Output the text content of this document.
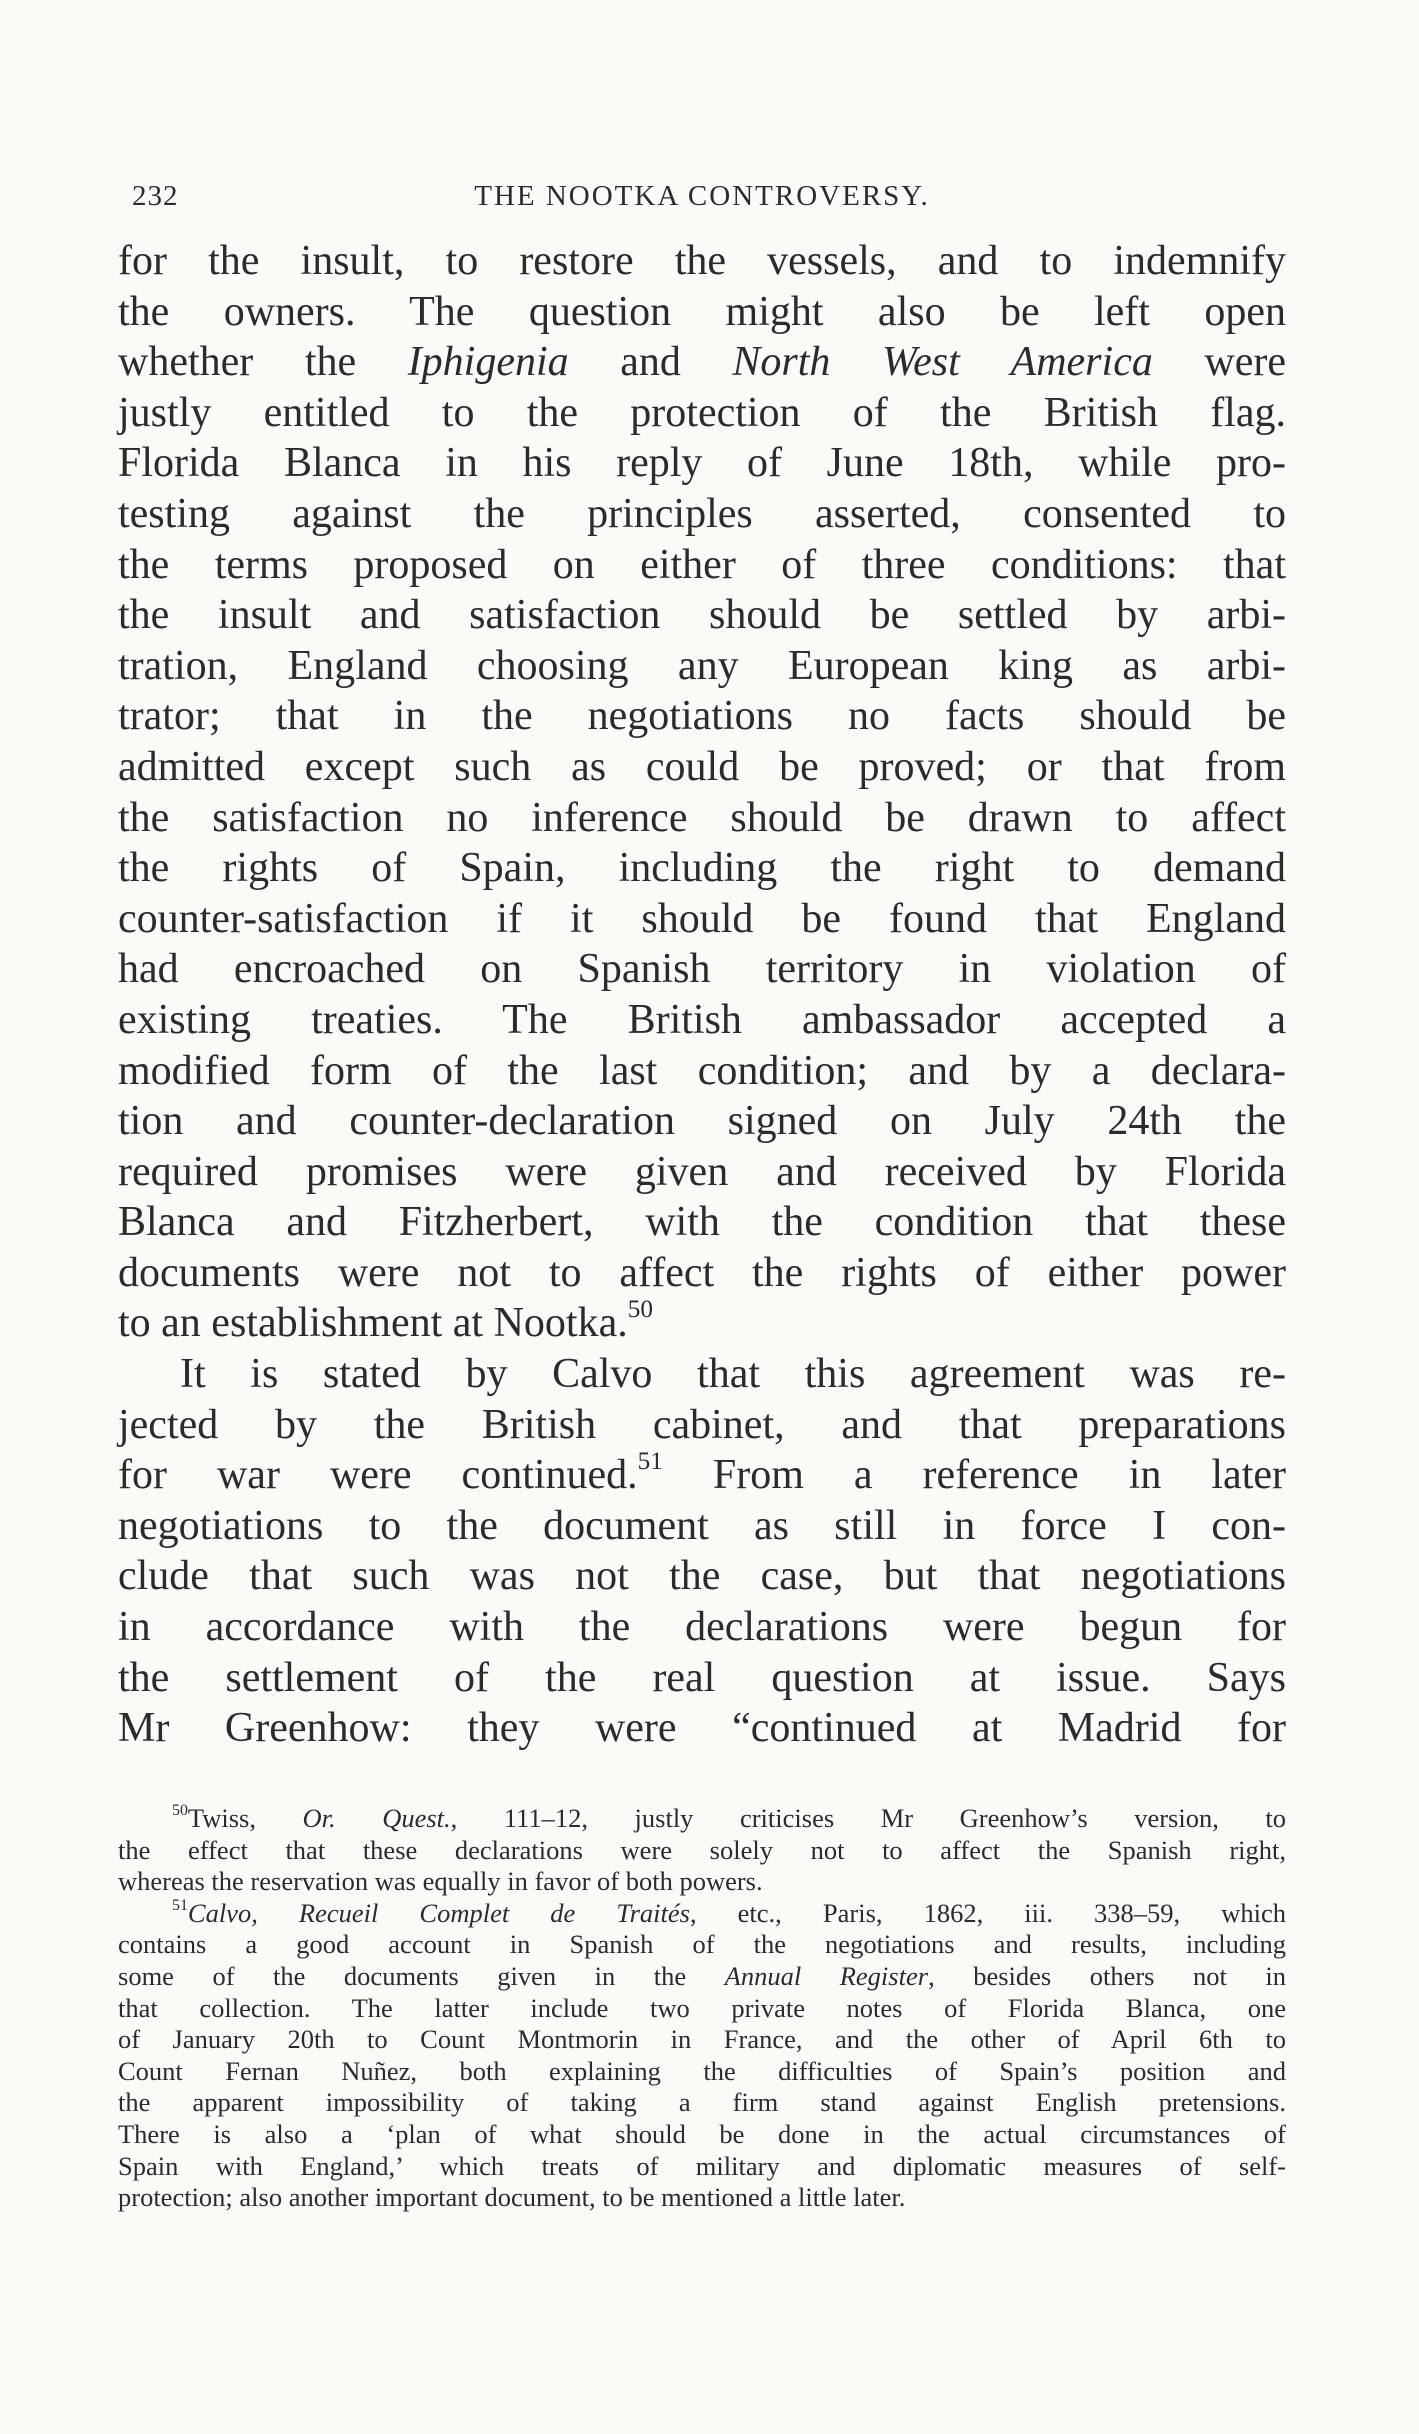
232	THE NOOTKA CONTROVERSY.
for the insult, to restore the vessels, and to indemnify
the owners. The question might also be left open
whether the Iphigenia and North West America were
justly entitled to the protection of the British flag.
Florida Blanca in his reply of June 18th, while pro-
testing against the principles asserted, consented to
the terms proposed on either of three conditions: that
the insult and satisfaction should be settled by arbi-
tration, England choosing any European king as arbi-
trator; that in the negotiations no facts should be
admitted except such as could be proved; or that from
the satisfaction no inference should be drawn to affect
the rights of Spain, including the right to demand
counter-satisfaction if it should be found that England
had encroached on Spanish territory in violation of
existing treaties. The British ambassador accepted a
modified form of the last condition; and by a declara-
tion and counter-declaration signed on July 24th the
required promises were given and received by Florida
Blanca and Fitzherbert, with the condition that these
documents were not to affect the rights of either power
to an establishment at Nootka.$^{50}$
It is stated by Calvo that this agreement was re-
jected by the British cabinet, and that preparations
for war were continued.$^{51}$ From a reference in later
negotiations to the document as still in force I con-
clude that such was not the case, but that negotiations
in accordance with the declarations were begun for
the settlement of the real question at issue. Says
Mr Greenhow: they were “continued at Madrid for
$^{50}$Twiss, Or. Quest., 111–12, justly criticises Mr Greenhow’s version, to
the effect that these declarations were solely not to affect the Spanish right,
whereas the reservation was equally in favor of both powers.
$^{51}$Calvo, Recueil Complet de Traités, etc., Paris, 1862, iii. 338–59, which
contains a good account in Spanish of the negotiations and results, including
some of the documents given in the Annual Register, besides others not in
that collection. The latter include two private notes of Florida Blanca, one
of January 20th to Count Montmorin in France, and the other of April 6th to
Count Fernan Nuñez, both explaining the difficulties of Spain’s position and
the apparent impossibility of taking a firm stand against English pretensions.
There is also a ‘plan of what should be done in the actual circumstances of
Spain with England,’ which treats of military and diplomatic measures of self-
protection; also another important document, to be mentioned a little later.
